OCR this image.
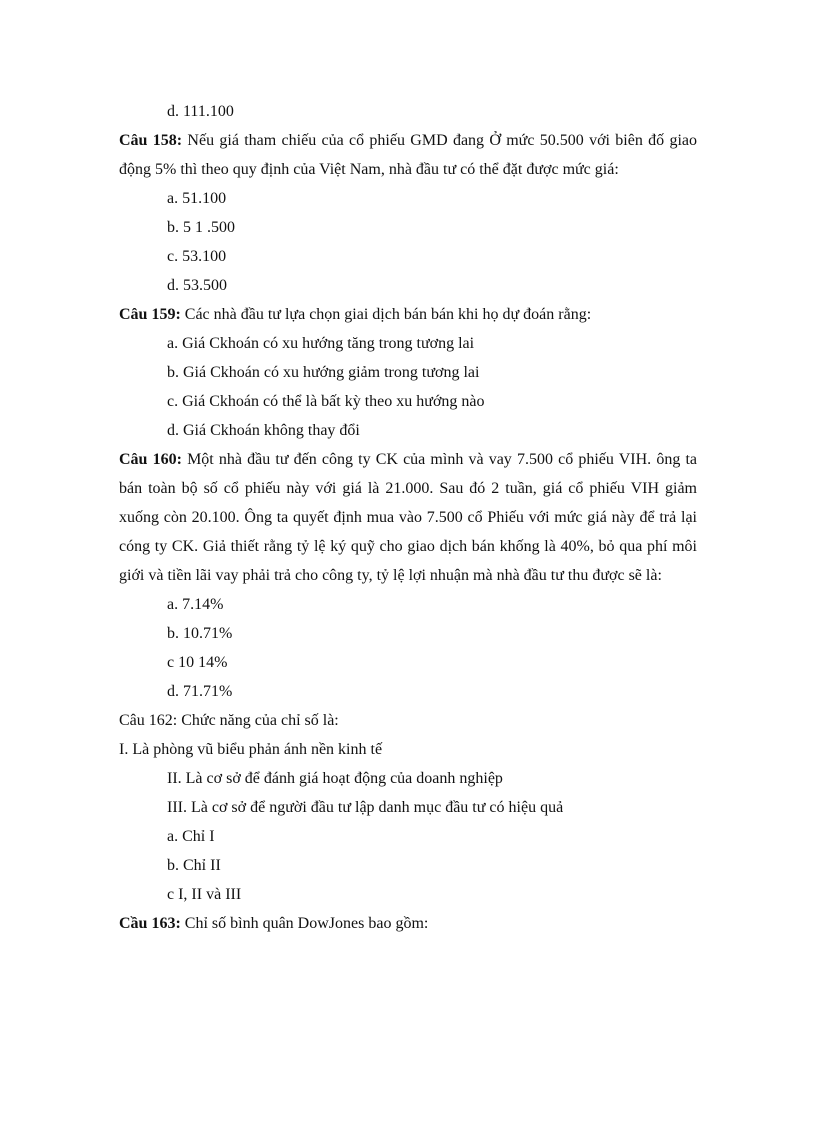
d. 111.100
Câu 158: Nếu giá tham chiếu của cổ phiếu GMD đang Ở mức 50.500 với biên đố giao
động 5% thì theo quy định của Việt Nam, nhà đầu tư có thể đặt được mức giá:
a. 51.100
b. 5 1 .500
c. 53.100
d. 53.500
Câu 159: Các nhà đầu tư lựa chọn giai dịch bán bán khi họ dự đoán rằng:
a. Giá Ckhoán có xu hướng tăng trong tương lai
b. Giá Ckhoán có xu hướng giảm trong tương lai
c. Giá Ckhoán có thể là bất kỳ theo xu hướng nào
d. Giá Ckhoán không thay đổi
Câu 160: Một nhà đầu tư đến công ty CK của mình và vay 7.500 cổ phiếu VIH. ông ta
bán toàn bộ số cổ phiếu này với giá là 21.000. Sau đó 2 tuần, giá cổ phiếu VIH giảm
xuống còn 20.100. Ông ta quyết định mua vào 7.500 cổ Phiếu với mức giá này để trả lại
cóng ty CK. Giả thiết rằng tỷ lệ ký quỹ cho giao dịch bán khống là 40%, bỏ qua phí môi
giới và tiền lãi vay phải trả cho công ty, tỷ lệ lợi nhuận mà nhà đầu tư thu được sẽ là:
a. 7.14%
b. 10.71%
c 10 14%
d. 71.71%
Câu 162: Chức năng của chỉ số là:
I. Là phòng vũ biểu phản ánh nền kinh tế
II. Là cơ sở để đánh giá hoạt động của doanh nghiệp
III. Là cơ sở để người đầu tư lập danh mục đầu tư có hiệu quả
a. Chỉ I
b. Chỉ II
c I, II và III
Cầu 163: Chỉ số bình quân DowJones bao gồm:
